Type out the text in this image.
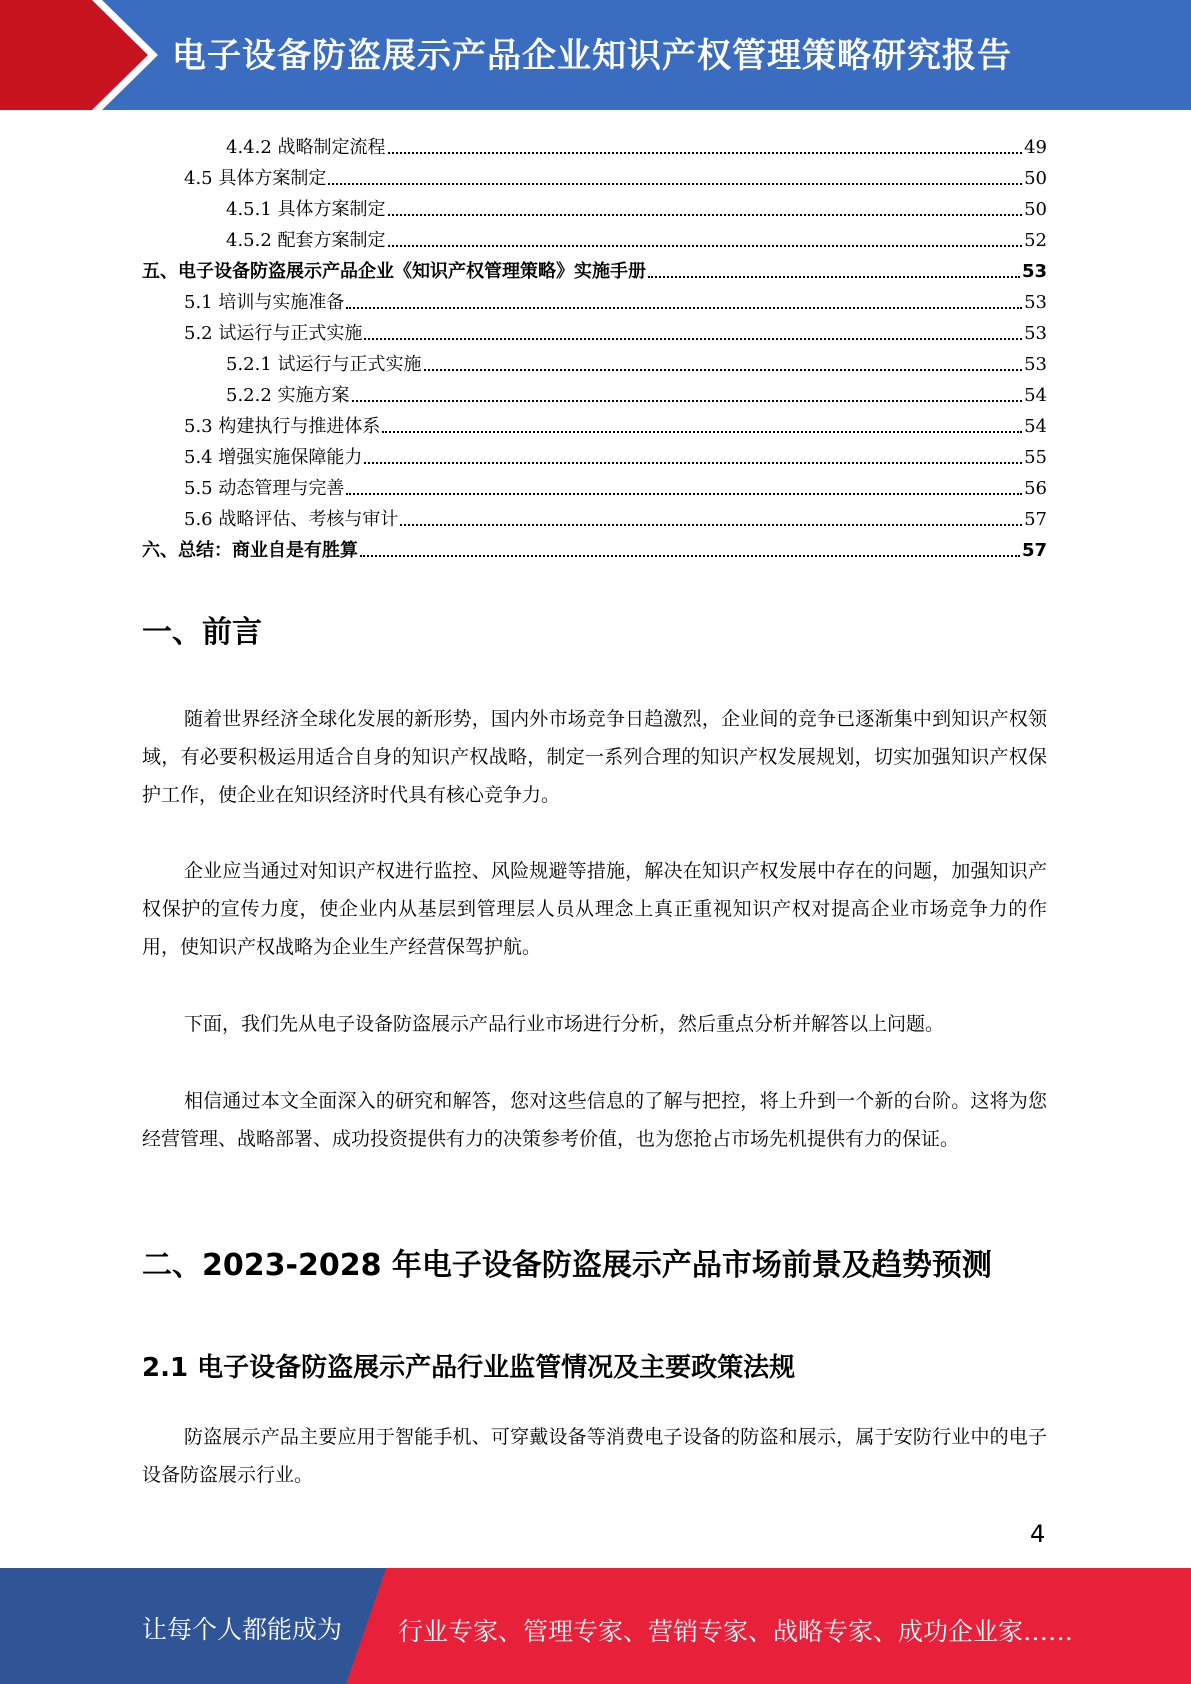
电子设备防盗展示产品企业知识产权管理策略研究报告
4.4.2 战略制定流程	49
4.5 具体方案制定	50
4.5.1 具体方案制定	50
4.5.2 配套方案制定	52
五、电子设备防盗展示产品企业《知识产权管理策略》实施手册	53
5.1 培训与实施准备	53
5.2 试运行与正式实施	53
5.2.1 试运行与正式实施	53
5.2.2 实施方案	54
5.3 构建执行与推进体系	54
5.4 增强实施保障能力	55
5.5 动态管理与完善	56
5.6 战略评估、考核与审计	57
六、总结：商业自是有胜算	57
一、前言
随着世界经济全球化发展的新形势，国内外市场竞争日趋激烈，企业间的竞争已逐渐集中到知识产权领域，有必要积极运用适合自身的知识产权战略，制定一系列合理的知识产权发展规划，切实加强知识产权保护工作，使企业在知识经济时代具有核心竞争力。
企业应当通过对知识产权进行监控、风险规避等措施，解决在知识产权发展中存在的问题，加强知识产权保护的宣传力度，使企业内从基层到管理层人员从理念上真正重视知识产权对提高企业市场竞争力的作用，使知识产权战略为企业生产经营保驾护航。
下面，我们先从电子设备防盗展示产品行业市场进行分析，然后重点分析并解答以上问题。
相信通过本文全面深入的研究和解答，您对这些信息的了解与把控，将上升到一个新的台阶。这将为您经营管理、战略部署、成功投资提供有力的决策参考价值，也为您抢占市场先机提供有力的保证。
二、2023-2028 年电子设备防盗展示产品市场前景及趋势预测
2.1 电子设备防盗展示产品行业监管情况及主要政策法规
防盗展示产品主要应用于智能手机、可穿戴设备等消费电子设备的防盗和展示，属于安防行业中的电子设备防盗展示行业。
4
让每个人都能成为 行业专家、管理专家、营销专家、战略专家、成功企业家……
